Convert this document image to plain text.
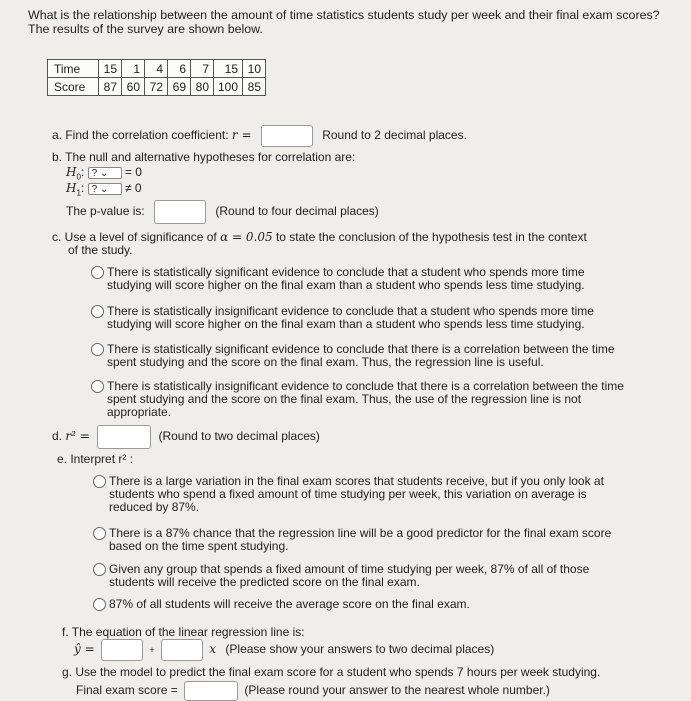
What is the relationship between the amount of time statistics students study per week and their final exam scores? The results of the survey are shown below.
Time	15	1	4	6	7	15	10
Score	87	60	72	69	80	100	85
a. Find the correlation coefficient: r =	Round to 2 decimal places.
b. The null and alternative hypotheses for correlation are:
$H_0$: ? ⌄ = 0
$H_1$: ? ⌄ ≠ 0
The p-value is:	(Round to four decimal places)
c. Use a level of significance of α = 0.05 to state the conclusion of the hypothesis test in the context
of the study.
There is statistically significant evidence to conclude that a student who spends more time studying will score higher on the final exam than a student who spends less time studying.
There is statistically insignificant evidence to conclude that a student who spends more time studying will score higher on the final exam than a student who spends less time studying.
There is statistically significant evidence to conclude that there is a correlation between the time spent studying and the score on the final exam. Thus, the regression line is useful.
There is statistically insignificant evidence to conclude that there is a correlation between the time spent studying and the score on the final exam. Thus, the use of the regression line is not appropriate.
d. r² =	(Round to two decimal places)
e. Interpret r² :
There is a large variation in the final exam scores that students receive, but if you only look at students who spend a fixed amount of time studying per week, this variation on average is reduced by 87%.
There is a 87% chance that the regression line will be a good predictor for the final exam score based on the time spent studying.
Given any group that spends a fixed amount of time studying per week, 87% of all of those students will receive the predicted score on the final exam.
87% of all students will receive the average score on the final exam.
f. The equation of the linear regression line is:
ŷ =	+	x (Please show your answers to two decimal places)
g. Use the model to predict the final exam score for a student who spends 7 hours per week studying.
Final exam score =	(Please round your answer to the nearest whole number.)
